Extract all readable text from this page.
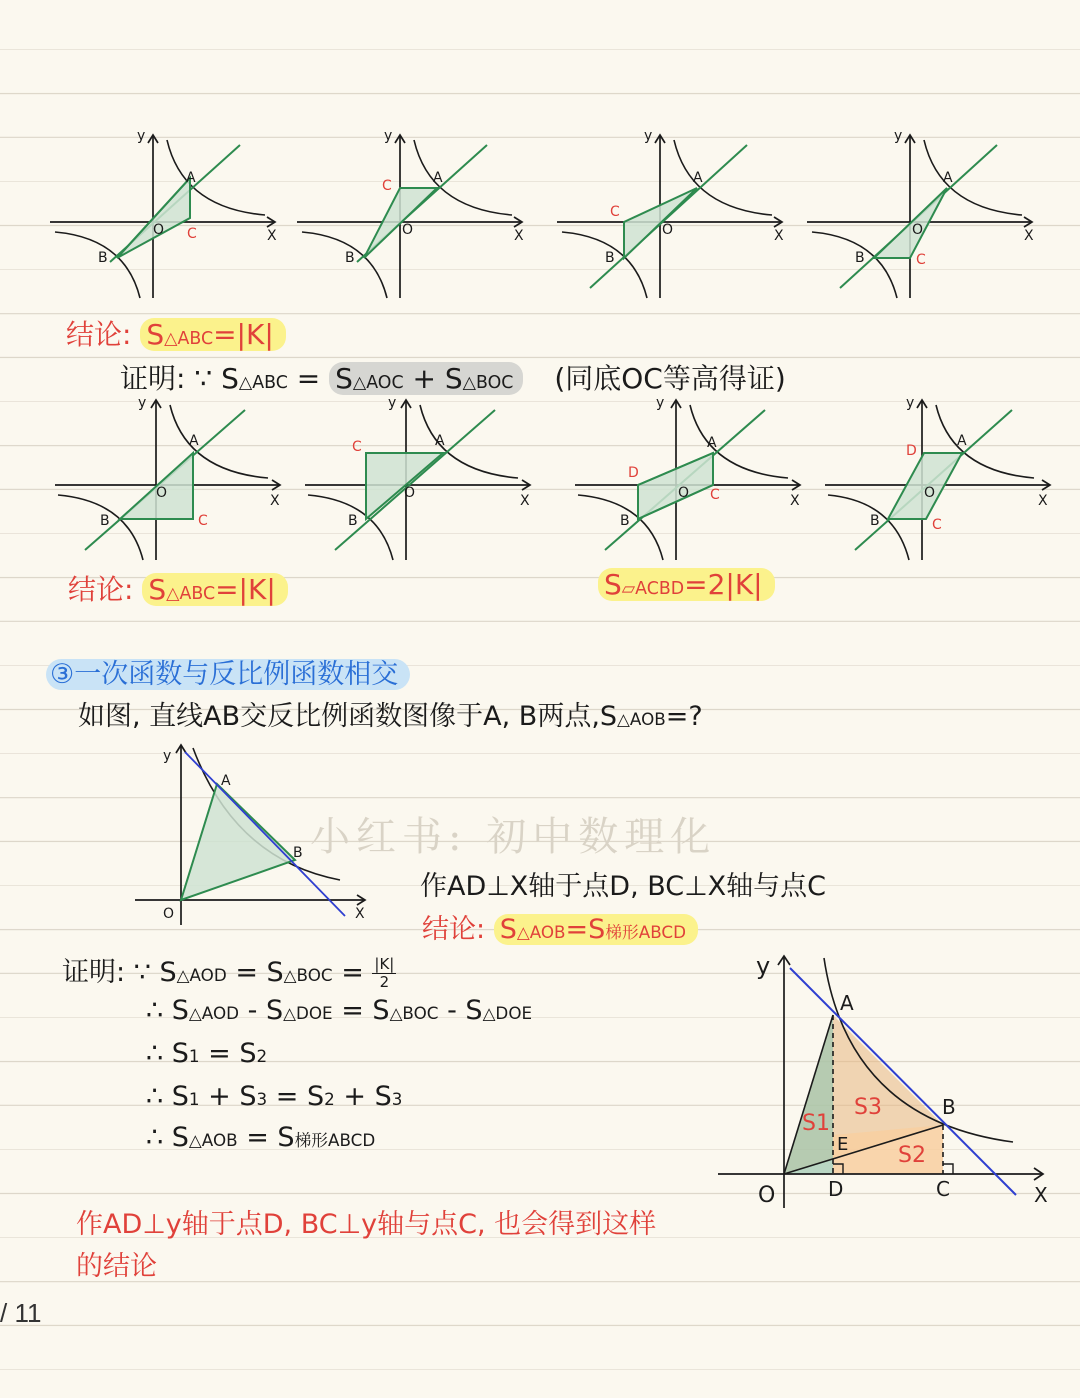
小红书: 初中数理化
y
X
O
A
B
C
y
X
O
A
B
C
y
X
O
A
B
C
y
X
O
A
B	C
结论: S△ABC=|K|
证明: ∵ S△ABC = S△AOC + S△BOC (同底OC等高得证)
y
X
O
A
B	C
y
X
O
A
B
C
y
X
O
A
B
C
D
y
X
O
A
B	C
D
结论: S△ABC=|K|	S▱ACBD=2|K|
③一次函数与反比例函数相交
如图, 直线AB交反比例函数图像于A, B两点,S△AOB=?
y
X
O
A
B
作AD⊥X轴于点D, BC⊥X轴与点C
结论: S△AOB=S梯形ABCD
证明: ∵ S△AOD = S△BOC = $\frac{|K|}{2}$
∴ S△AOD - S△DOE = S△BOC - S△DOE
∴ S1 = S2
∴ S1 + S3 = S2 + S3
∴ S△AOB = S梯形ABCD
y
X
O
A
B
C
D
E
S1
S3
S2
作AD⊥y轴于点D, BC⊥y轴与点C, 也会得到这样
的结论
/ 11
